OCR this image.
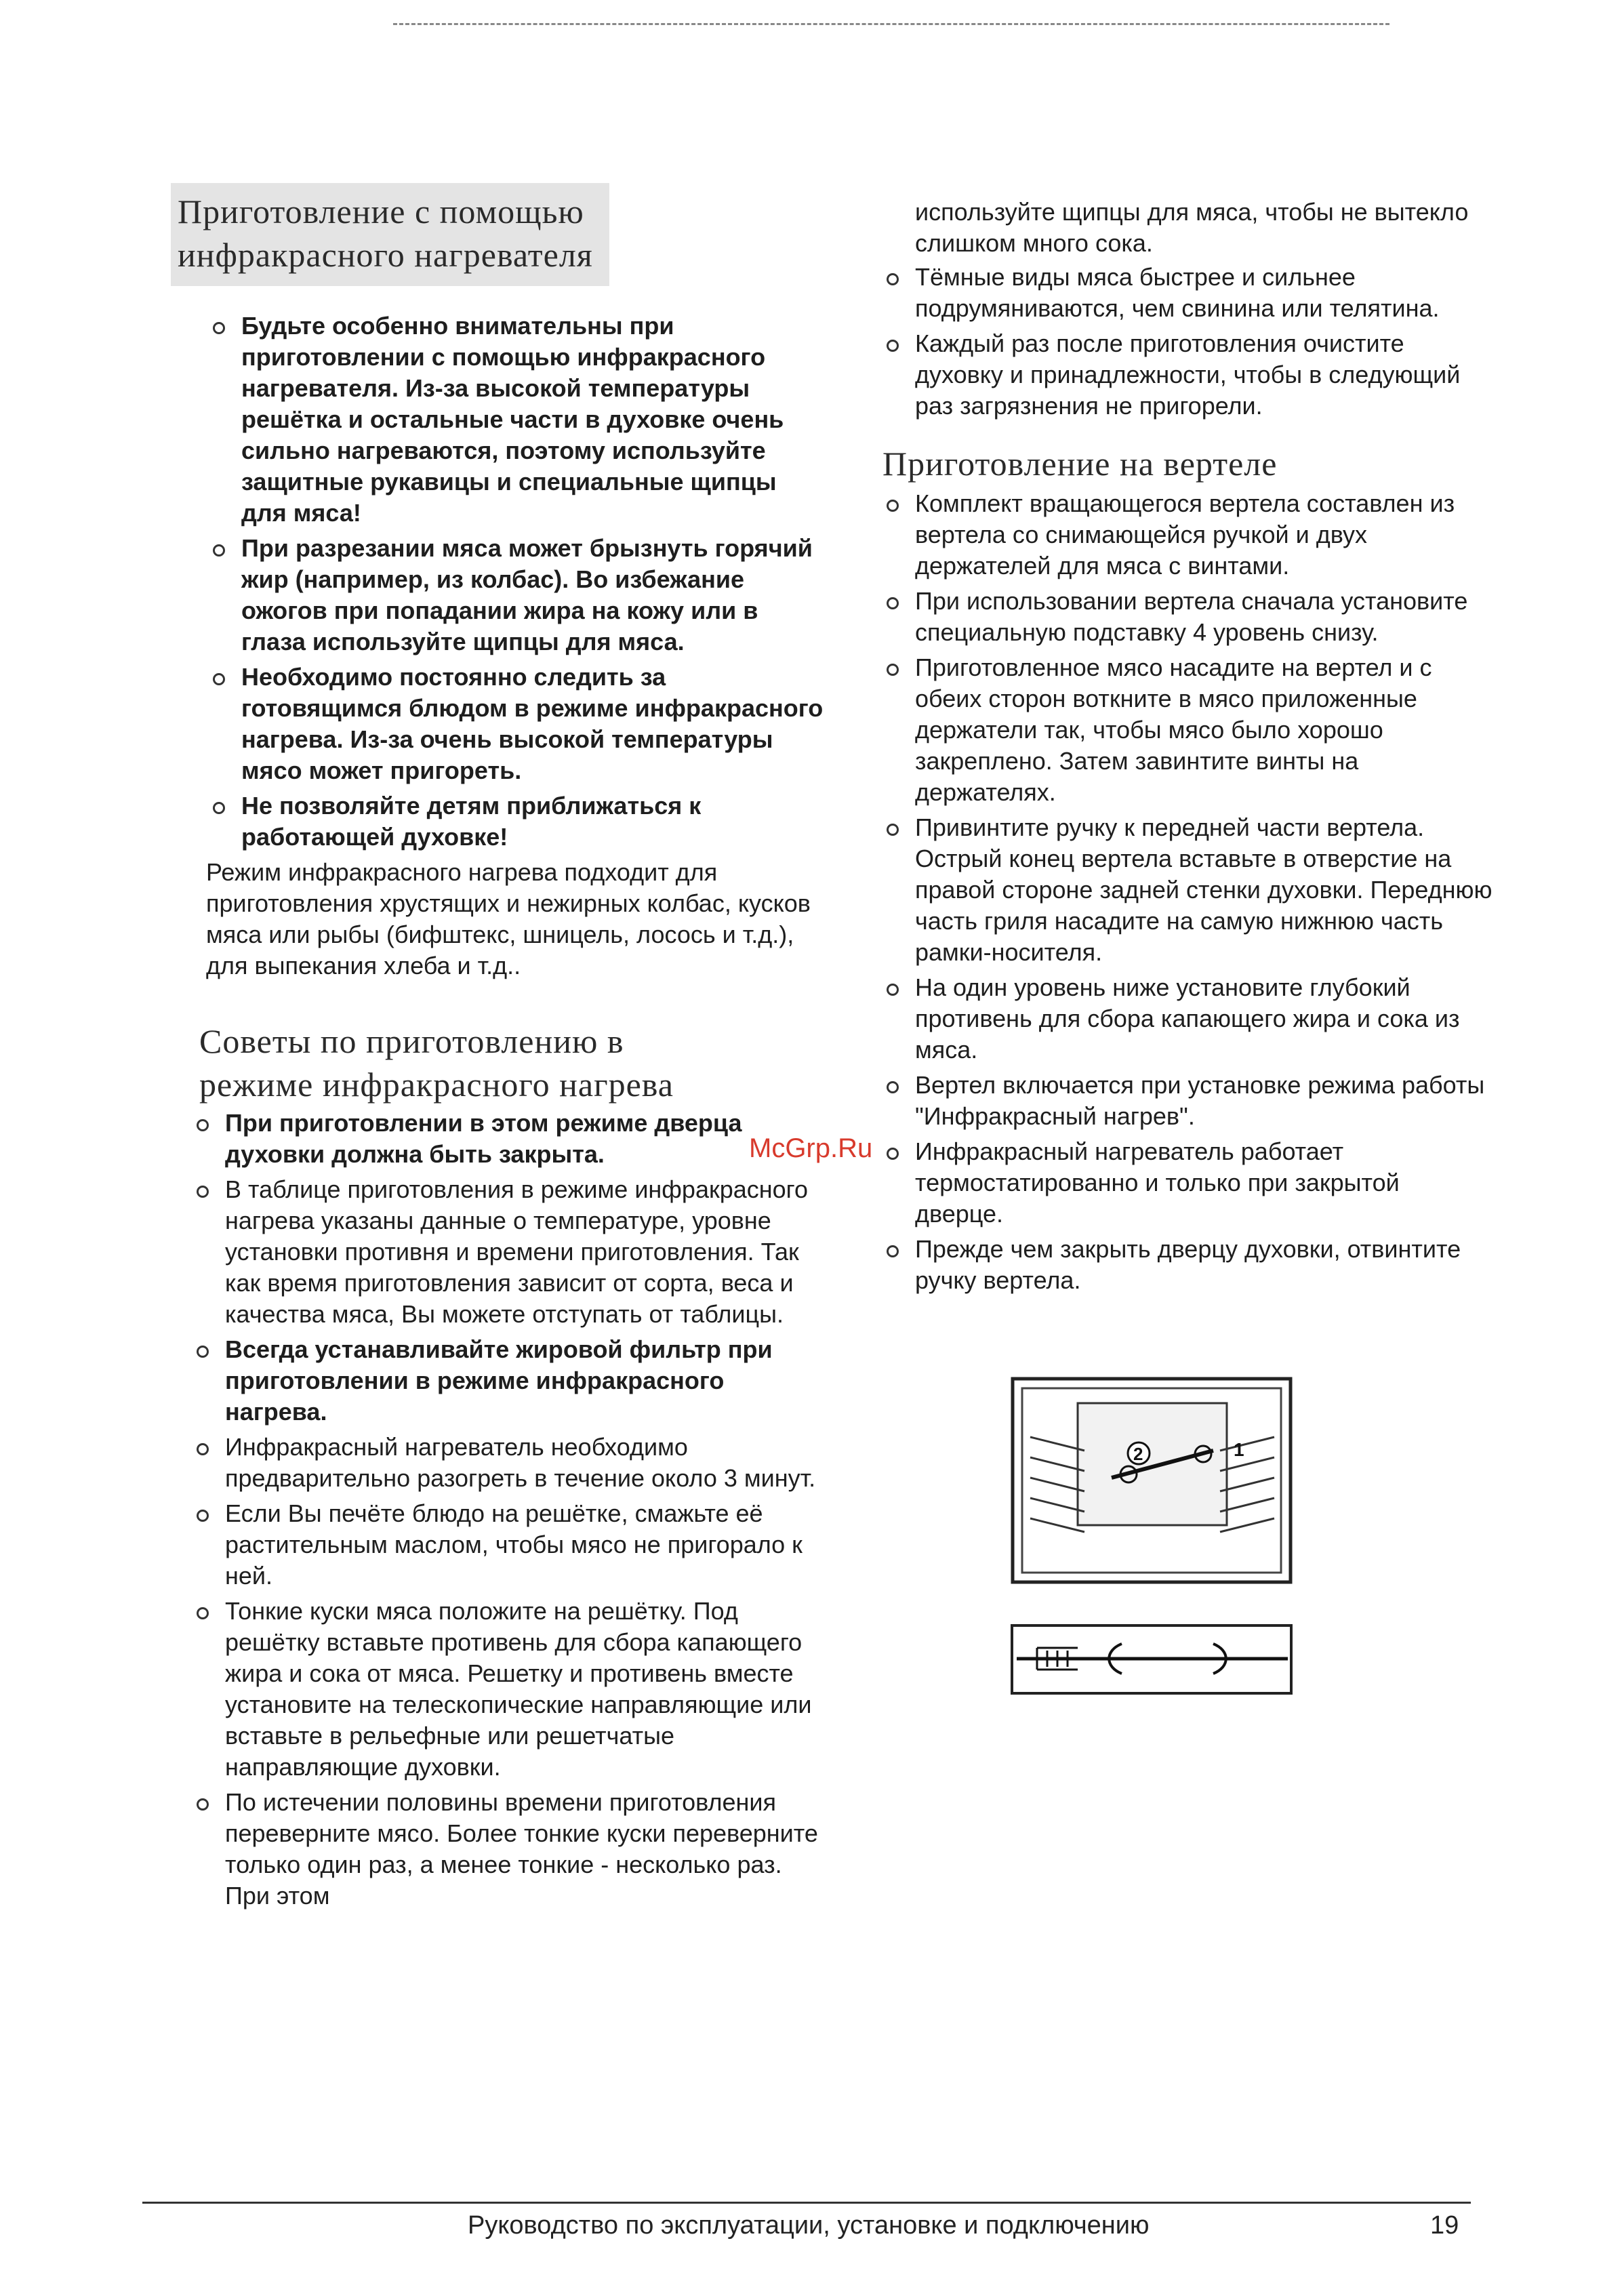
Приготовление с помощью
инфракрасного нагревателя
Будьте особенно внимательны при приготовлении с помощью инфракрасного нагревателя. Из-за высокой температуры решётка и остальные части в духовке очень сильно нагреваются, поэтому используйте защитные рукавицы и специальные щипцы для мяса!
При разрезании мяса может брызнуть горячий жир (например, из колбас). Во избежание ожогов при попадании жира на кожу или в глаза используйте щипцы для мяса.
Необходимо постоянно следить за готовящимся блюдом в режиме инфракрасного нагрева. Из-за очень высокой температуры мясо может пригореть.
Не позволяйте детям приближаться к работающей духовке!

Режим инфракрасного нагрева подходит для приготовления хрустящих и нежирных колбас, кусков мяса или рыбы (бифштекс, шницель, лосось и т.д.), для выпекания хлеба и т.д..

Советы по приготовлению в
режиме инфракрасного нагрева
При приготовлении в этом режиме дверца духовки должна быть закрыта.
В таблице приготовления в режиме инфракрасного нагрева указаны данные о температуре, уровне установки противня и времени приготовления. Так как время приготовления зависит от сорта, веса и качества мяса, Вы можете отступать от таблицы.
Всегда устанавливайте жировой фильтр при приготовлении в режиме инфракрасного нагрева.
Инфракрасный нагреватель необходимо предварительно разогреть в течение около 3 минут.
Если Вы печёте блюдо на решётке, смажьте её растительным маслом, чтобы мясо не пригорало к ней.
Тонкие куски мяса положите на решётку. Под решётку вставьте противень для сбора капающего жира и сока от мяса. Решетку и противень вместе установите на телескопические направляющие или вставьте в рельефные или решетчатые направляющие духовки.
По истечении половины времени приготовления переверните мясо. Более тонкие куски переверните только один раз, а менее тонкие - несколько раз. При этом
McGrp.Ru

используйте щипцы для мяса, чтобы не вытекло слишком много сока.

Тёмные виды мяса быстрее и сильнее подрумяниваются, чем свинина или телятина.
Каждый раз после приготовления очистите духовку и принадлежности, чтобы в следующий раз загрязнения не пригорели.
Приготовление на вертеле
Комплект вращающегося вертела составлен из вертела со снимающейся ручкой и двух держателей для мяса с винтами.
При использовании вертела сначала установите специальную подставку 4 уровень снизу.
Приготовленное мясо насадите на вертел и с обеих сторон воткните в мясо приложенные держатели так, чтобы мясо было хорошо закреплено. Затем завинтите винты на держателях.
Привинтите ручку к передней части вертела. Острый конец вертела вставьте в отверстие на правой стороне задней стенки духовки. Переднюю часть гриля насадите на самую нижнюю часть рамки-носителя.
На один уровень ниже установите глубокий противень для сбора капающего жира и сока из мяса.
Вертел включается при установке режима работы "Инфракрасный нагрев".
Инфракрасный нагреватель работает термостатированно и только при закрытой дверце.
Прежде чем закрыть дверцу духовки, отвинтите ручку вертела.
2	1
Руководство по эксплуатации, установке и подключению	19
